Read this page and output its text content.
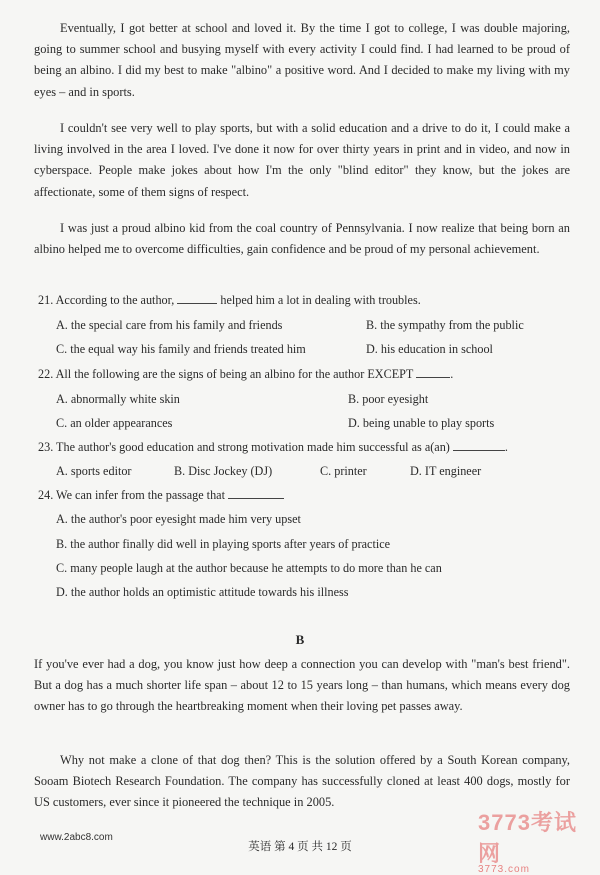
Eventually, I got better at school and loved it. By the time I got to college, I was double majoring, going to summer school and busying myself with every activity I could find. I had learned to be proud of being an albino. I did my best to make "albino" a positive word. And I decided to make my living with my eyes – and in sports.

I couldn't see very well to play sports, but with a solid education and a drive to do it, I could make a living involved in the area I loved. I've done it now for over thirty years in print and in video, and now in cyberspace. People make jokes about how I'm the only "blind editor" they know, but the jokes are affectionate, some of them signs of respect.

I was just a proud albino kid from the coal country of Pennsylvania. I now realize that being born an albino helped me to overcome difficulties, gain confidence and be proud of my personal achievement.

21. According to the author,	helped him a lot in dealing with troubles.
A. the special care from his family and friends	B. the sympathy from the public
C. the equal way his family and friends treated him	D. his education in school
22. All the following are the signs of being an albino for the author EXCEPT	.
A. abnormally white skin	B. poor eyesight
C. an older appearances	D. being unable to play sports
23. The author's good education and strong motivation made him successful as a(an)	.
A. sports editor	B. Disc Jockey (DJ)	C. printer	D. IT engineer
24. We can infer from the passage that
A. the author's poor eyesight made him very upset
B. the author finally did well in playing sports after years of practice
C. many people laugh at the author because he attempts to do more than he can
D. the author holds an optimistic attitude towards his illness
B

If you've ever had a dog, you know just how deep a connection you can develop with "man's best friend". But a dog has a much shorter life span – about 12 to 15 years long – than humans, which means every dog owner has to go through the heartbreaking moment when their loving pet passes away.

Why not make a clone of that dog then? This is the solution offered by a South Korean company, Sooam Biotech Research Foundation. The company has successfully cloned at least 400 dogs, mostly for US customers, ever since it pioneered the technique in 2005.

www.2abc8.com
3773考试网
3773.com
英语 第 4 页 共 12 页
